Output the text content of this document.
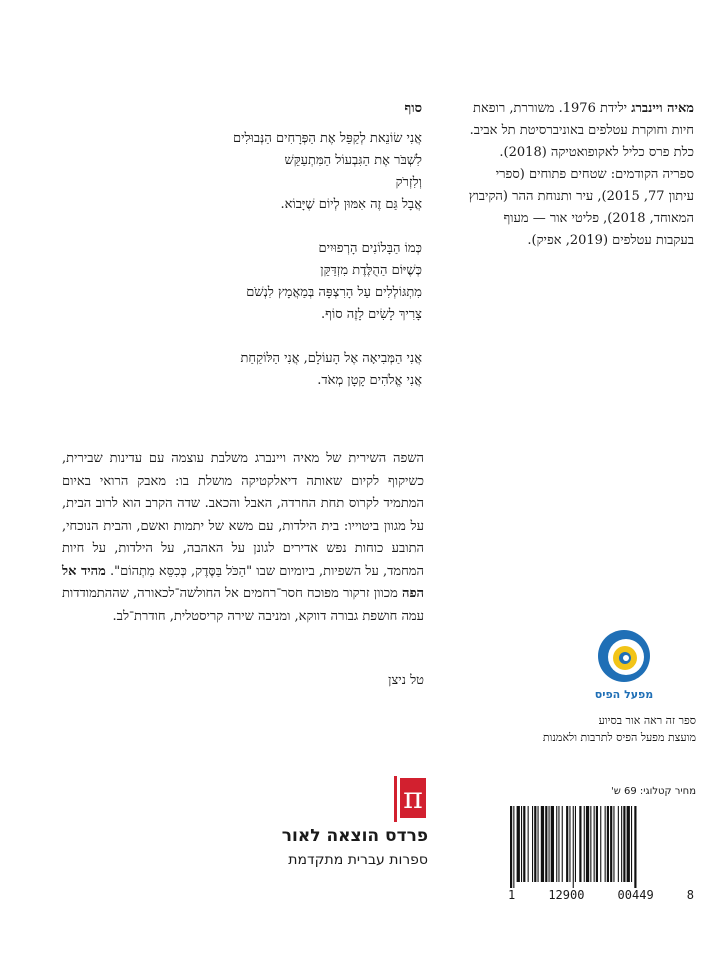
סוף
אֲנִי שׂוֹנֵאת לְקַפֵּל אֶת הַפְּרָחִים הַנְּבוּלִים
לִשְׁבֹּר אֶת הַגִּבְעוֹל הַמִּתְעַקֵּשׁ
וְלִזְרֹק
אֲבָל גַּם זֶה אִמּוּן לְיוֹם שֶׁיָּבוֹא.
כְּמוֹ הַבָּלוֹנִים הָרְפוּיִים
כְּשֶׁיּוֹם הַהֻלֶּדֶת מִזְדַּקֵּן
מִתְגּוֹלְלִים עַל הָרִצְפָּה בְּמַאֲמָץ לִנְשֹׁם
צָרִיךְ לָשִׂים לָזֶה סוֹף.
אֲנִי הַמְּבִיאָה אֶל הָעוֹלָם, אֲנִי הַלּוֹקַחַת
אֲנִי אֱלֹהִים קָטָן מְאֹד.
מאיה ויינברג ילידת 1976. משוררת, רופאת חיות וחוקרת עטלפים באוניברסיטת תל אביב. כלת פרס כליל לאקופואטיקה (2018). ספריה הקודמים: שטחים פתוחים (ספרי עיתון 77, 2015), עיר ותנוחת ההר (הקיבוץ המאוחד, 2018), פליטי אור — מעוף בעקבות עטלפים (2019, אפיק).
השפה השירית של מאיה ויינברג משלבת עוצמה עם עדינות שבירית, כשיקוף לקיום שאותה דיאלקטיקה מושלת בו: מאבק הרואי באיום המתמיד לקרוס תחת החרדה, האבל והכאב. שדה הקרב הוא לרוב הבית, על מגוון ביטוייו: בית הילדות, עם משא של יתמות ואשם, והבית הנוכחי, התובע כוחות נפש אדירים לגונן על האהבה, על הילדות, על חיות המחמד, על השפיות, ביומיום שבו "הַכֹּל בַּסֶּדֶק, כְּכִסֵּא מִתְהוֹם". מהיד אל הפה מכוון זרקור מפוכח חסר־רחמים אל החולשה־לכאורה, שההתמודדות עמה חושפת גבורה דווקא, ומניבה שירה קריסטלית, חודרת־לב.
טל ניצן
מפעל הפיס
ספר זה ראה אור בסיוע
מועצת מפעל הפיס לתרבות ולאמנות
מחיר קטלוגי: 69 ש'
1	12900	00449	8
π
פרדס הוצאה לאור
ספרות עברית מתקדמת
